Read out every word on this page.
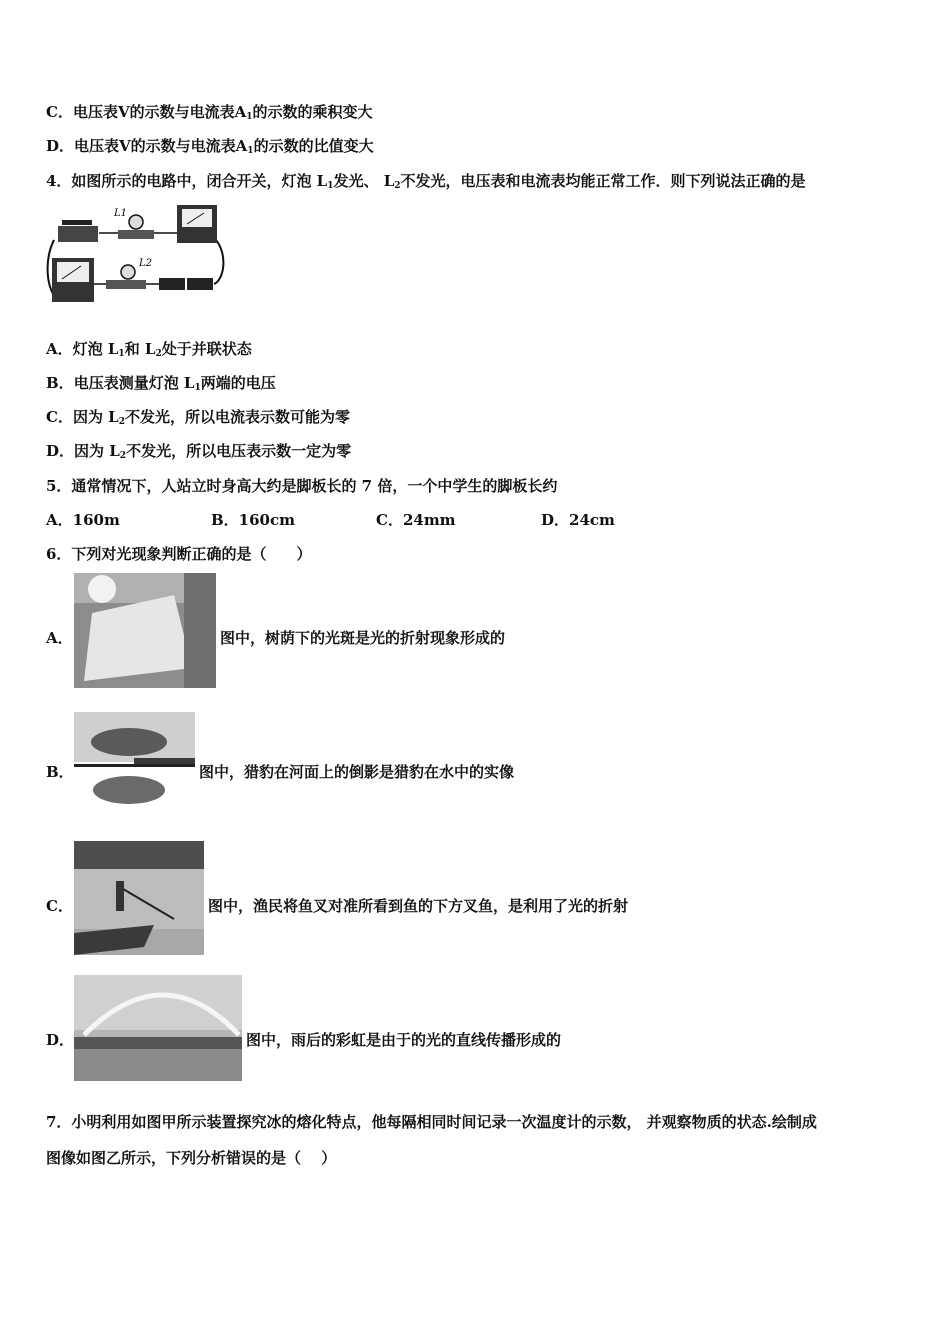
C．电压表V的示数与电流表$A_1$的示数的乘积变大
D．电压表V的示数与电流表$A_1$的示数的比值变大
4．如图所示的电路中，闭合开关，灯泡 $L_1$发光、 $L_2$不发光，电压表和电流表均能正常工作．则下列说法正确的是
L1
L2
A．灯泡 $L_1$和 $L_2$处于并联状态
B．电压表测量灯泡 $L_1$两端的电压
C．因为 $L_2$不发光，所以电流表示数可能为零
D．因为 $L_2$不发光，所以电压表示数一定为零
5．通常情况下，人站立时身高大约是脚板长的 7 倍，一个中学生的脚板长约
A．160m	B．160cm	C．24mm	D．24cm
6．下列对光现象判断正确的是（　　）
A．	图中，树荫下的光斑是光的折射现象形成的
B．	图中，猎豹在河面上的倒影是猎豹在水中的实像
C．	图中，渔民将鱼叉对准所看到鱼的下方叉鱼，是利用了光的折射
D．	图中，雨后的彩虹是由于的光的直线传播形成的
7．小明利用如图甲所示装置探究冰的熔化特点，他每隔相同时间记录一次温度计的示数， 并观察物质的状态.绘制成
图像如图乙所示，下列分析错误的是（　 ）
